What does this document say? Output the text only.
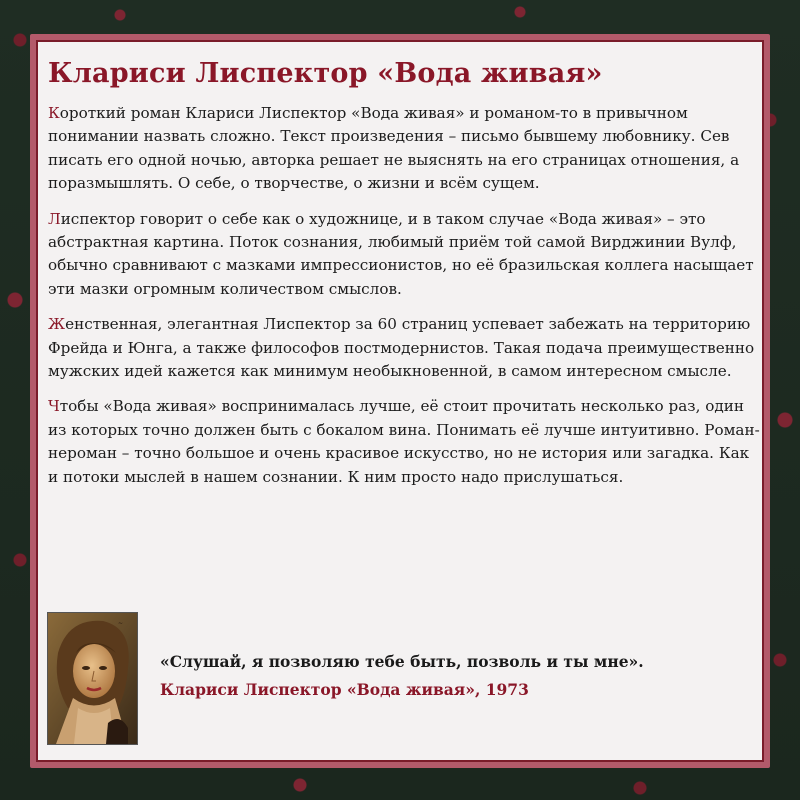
Клариси Лиспектор «Вода живая»

Короткий роман Клариси Лиспектор «Вода живая» и романом-то в привычном понимании назвать сложно. Текст произведения – письмо бывшему любовнику. Сев писать его одной ночью, авторка решает не выяснять на его страницах отношения, а поразмышлять. О себе, о творчестве, о жизни и всём сущем.

Лиспектор говорит о себе как о художнице, и в таком случае «Вода живая» – это абстрактная картина. Поток сознания, любимый приём той самой Вирджинии Вулф, обычно сравнивают с мазками импрессионистов, но её бразильская коллега насыщает эти мазки огромным количеством смыслов.

Женственная, элегантная Лиспектор за 60 страниц успевает забежать на территорию Фрейда и Юнга, а также философов постмодернистов. Такая подача преимущественно мужских идей кажется как минимум необыкновенной, в самом интересном смысле.

Чтобы «Вода живая» воспринималась лучше, её стоит прочитать несколько раз, один из которых точно должен быть с бокалом вина. Понимать её лучше интуитивно. Роман-нероман – точно большое и очень красивое искусство, но не история или загадка. Как и потоки мыслей в нашем сознании. К ним просто надо прислушаться.

~

«Слушай, я позволяю тебе быть, позволь и ты мне».

Клариси Лиспектор «Вода живая», 1973
